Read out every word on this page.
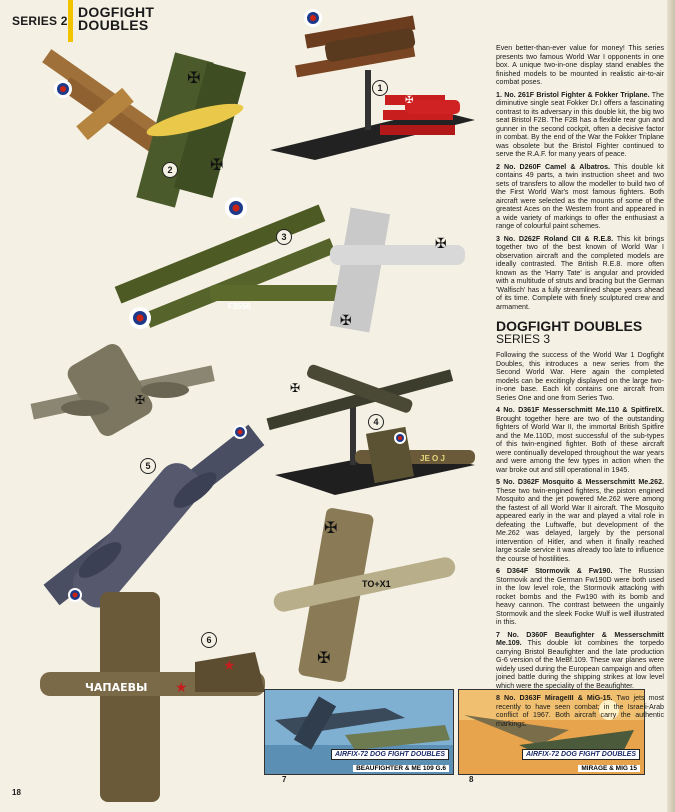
SERIES 2
DOGFIGHT
DOUBLES
✠
1
✠
✠
2
F3556
✠
✠
3
✠
JE O J
4
✠
5
✠
✠
TO+X1
ЧАПАЕВЫ ★
★
6
AIRFIX-72 DOG FIGHT DOUBLES
BEAUFIGHTER & ME 109 G.6
7
AIRFIX-72 DOG FIGHT DOUBLES
MIRAGE & MIG 15
8
18

Even better-than-ever value for money! This series presents two famous World War I opponents in one box. A unique two-in-one display stand enables the finished models to be mounted in realistic air-to-air combat poses.

1. No. 261F Bristol Fighter & Fokker Triplane. The diminutive single seat Fokker Dr.I offers a fascinating contrast to its adversary in this double kit, the big two seat Bristol F2B. The F2B has a flexible rear gun and gunner in the second cockpit, often a decisive factor in combat. By the end of the War the Fokker Triplane was obsolete but the Bristol Fighter continued to serve the R.A.F. for many years of peace.

2 No. D260F Camel & Albatros. This double kit contains 49 parts, a twin instruction sheet and two sets of transfers to allow the modeller to build two of the First World War's most famous fighters. Both aircraft were selected as the mounts of some of the greatest Aces on the Western front and appeared in a wide variety of markings to offer the enthusiast a range of colourful paint schemes.

3 No. D262F Roland CII & R.E.8. This kit brings together two of the best known of World War I observation aircraft and the completed models are ideally contrasted. The British R.E.8. more often known as the 'Harry Tate' is angular and provided with a multitude of struts and bracing but the German 'Walfisch' has a fully streamlined shape years ahead of its time. Complete with finely sculptured crew and armament.

DOGFIGHT DOUBLES
SERIES 3

Following the success of the World War 1 Dogfight Doubles, this introduces a new series from the Second World War. Here again the completed models can be excitingly displayed on the large two-in-one base. Each kit contains one aircraft from Series One and one from Series Two.

4 No. D361F Messerschmitt Me.110 & SpitfireIX. Brought together here are two of the outstanding fighters of World War II, the immortal British Spitfire and the Me.110D, most successful of the sub-types of this twin-engined fighter. Both of these aircraft were continually developed throughout the war years and were among the few types in action when the war broke out and still operational in 1945.

5 No. D362F Mosquito & Messerschmitt Me.262. These two twin-engined fighters, the piston engined Mosquito and the jet powered Me.262 were among the fastest of all World War II aircraft. The Mosquito appeared early in the war and played a vital role in defeating the Luftwaffe, but development of the Me.262 was delayed, largely by the personal intervention of Hitler, and when it finally reached large scale service it was already too late to influence the course of hostilities.

6 D364F Stormovik & Fw190. The Russian Stormovik and the German Fw190D were both used in the low level role, the Stormovik attacking with rocket bombs and the Fw190 with its bomb and heavy cannon. The contrast between the ungainly Stormovik and the sleek Focke Wulf is well illustrated in this.

7 No. D360F Beaufighter & Messerschmitt Me.109. This double kit combines the torpedo carrying Bristol Beaufighter and the late production G-6 version of the MeBf.109. These war planes were widely used during the European campaign and often joined battle during the shipping strikes at low level which were the speciality of the Beaufighter.

8 No. D363F MirageIII & MiG-15. Two jets most recently to have seen combat; in the Israeli-Arab conflict of 1967. Both aircraft carry the authentic markings.
